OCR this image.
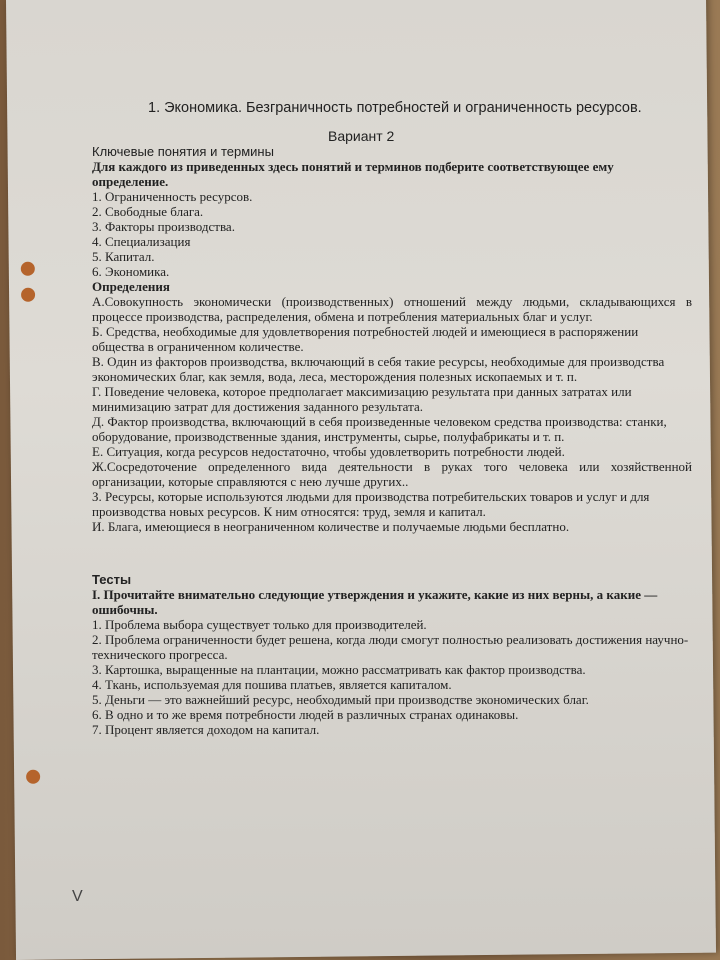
1. Экономика. Безграничность потребностей и ограниченность ресурсов.
Вариант 2
Ключевые понятия и термины

Для каждого из приведенных здесь понятий и терминов подберите соответствующее ему определение.

1. Ограниченность ресурсов.

2. Свободные блага.

3. Факторы производства.

4. Специализация

5. Капитал.

6. Экономика.

Определения

А.Совокупность экономически (производственных) отношений между людьми, складывающихся в процессе производства, распределения, обмена и потребления материальных благ и услуг.

Б. Средства, необходимые для удовлетворения потребностей людей и имеющиеся в распоряжении общества в ограниченном количестве.

В. Один из факторов производства, включающий в себя такие ресурсы, необходимые для производства экономических благ, как земля, вода, леса, месторождения полезных ископаемых и т. п.

Г. Поведение человека, которое предполагает максимизацию результата при данных затратах или минимизацию затрат для достижения заданного результата.

Д. Фактор производства, включающий в себя произведенные человеком средства производства: станки, оборудование, производственные здания, инструменты, сырье, полуфабрикаты и т. п.

Е. Ситуация, когда ресурсов недостаточно, чтобы удовлетворить потребности людей.

Ж.Сосредоточение определенного вида деятельности в руках того человека или хозяйственной организации, которые справляются с нею лучше других..

З. Ресурсы, которые используются людьми для производства потребительских товаров и услуг и для производства новых ресурсов. К ним относятся: труд, земля и капитал.

И. Блага, имеющиеся в неограниченном количестве и получаемые людьми бесплатно.

Тесты

I. Прочитайте внимательно следующие утверждения и укажите, какие из них верны, а какие — ошибочны.

1. Проблема выбора существует только для производителей.

2. Проблема ограниченности будет решена, когда люди смогут полностью реализовать достижения научно-технического прогресса.

3. Картошка, выращенные на плантации, можно рассматривать как фактор производства.

4. Ткань, используемая для пошива платьев, является капиталом.

5. Деньги — это важнейший ресурс, необходимый при производстве экономических благ.

6. В одно и то же время потребности людей в различных странах одинаковы.

7. Процент является доходом на капитал.

V
